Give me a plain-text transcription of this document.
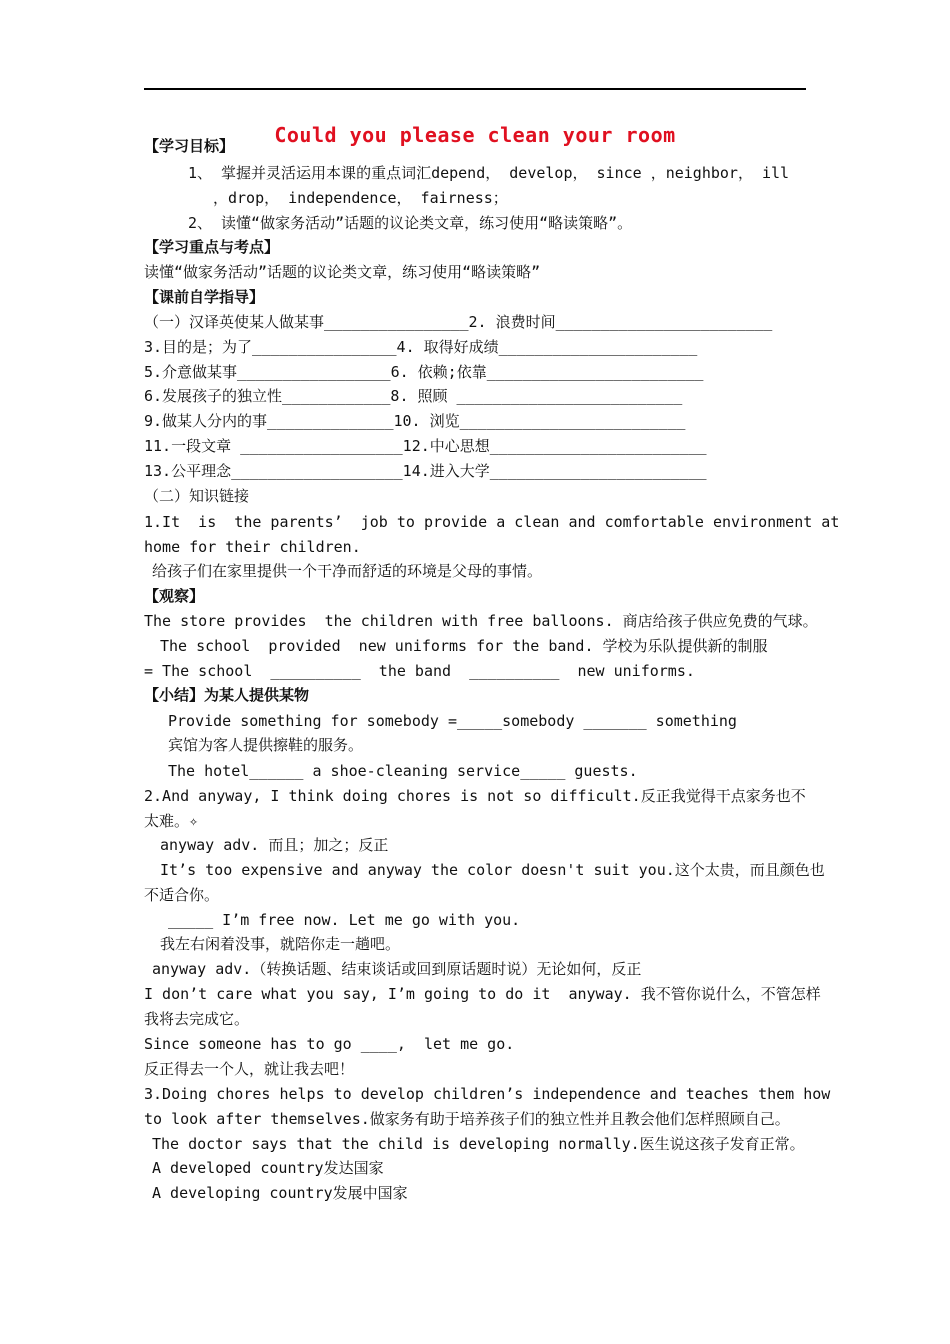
Could you please clean your room
【学习目标】
1、 掌握并灵活运用本课的重点词汇depend， develop， since ，neighbor， ill
，drop， independence， fairness；
2、 读懂“做家务活动”话题的议论类文章，练习使用“略读策略”。
【学习重点与考点】
读懂“做家务活动”话题的议论类文章，练习使用“略读策略”
【课前自学指导】
（一）汉译英使某人做某事________________2. 浪费时间________________________
3.目的是；为了________________4. 取得好成绩______________________
5.介意做某事_________________6. 依赖;依靠________________________
6.发展孩子的独立性____________8. 照顾 _________________________
9.做某人分内的事______________10. 浏览_________________________
11.一段文章 __________________12.中心思想________________________
13.公平理念___________________14.进入大学________________________
（二）知识链接
1.It  is  the parents’  job to provide a clean and comfortable environment at
home for their children.
给孩子们在家里提供一个干净而舒适的环境是父母的事情。
【观察】
The store provides  the children with free balloons. 商店给孩子供应免费的气球。
The school  provided  new uniforms for the band. 学校为乐队提供新的制服
= The school  __________  the band  __________  new uniforms.
【小结】为某人提供某物
Provide something for somebody =_____somebody _______ something
宾馆为客人提供擦鞋的服务。
The hotel______ a shoe-cleaning service_____ guests.
2.And anyway, I think doing chores is not so difficult.反正我觉得干点家务也不
太难。✧
anyway adv. 而且；加之；反正
It’s too expensive and anyway the color doesn't suit you.这个太贵，而且颜色也
不适合你。
_____ I’m free now. Let me go with you.
我左右闲着没事，就陪你走一趟吧。
anyway adv.（转换话题、结束谈话或回到原话题时说）无论如何，反正
I don’t care what you say, I’m going to do it  anyway. 我不管你说什么，不管怎样
我将去完成它。
Since someone has to go ____,  let me go.
反正得去一个人，就让我去吧！
3.Doing chores helps to develop children’s independence and teaches them how
to look after themselves.做家务有助于培养孩子们的独立性并且教会他们怎样照顾自己。
The doctor says that the child is developing normally.医生说这孩子发育正常。
A developed country发达国家
A developing country发展中国家
